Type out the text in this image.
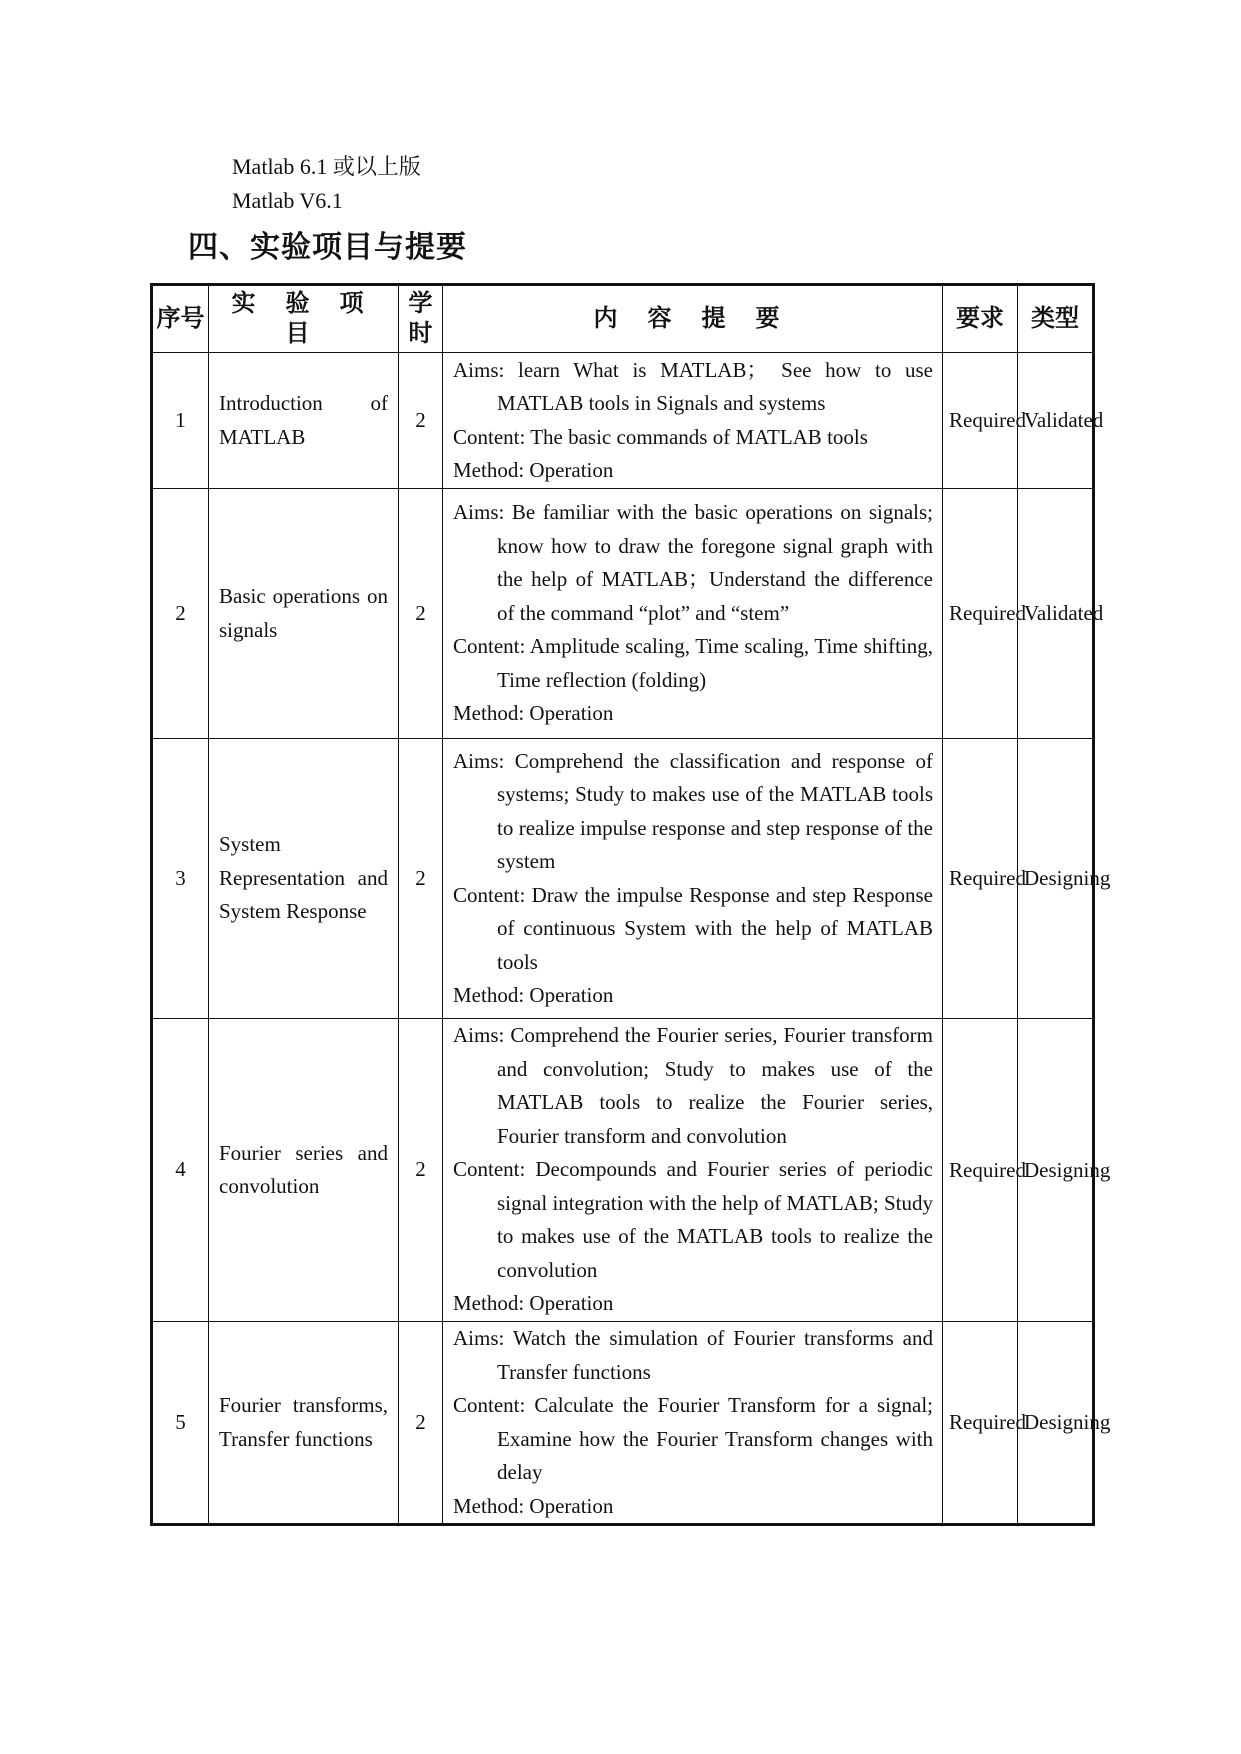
Matlab 6.1 或以上版
Matlab V6.1
四、实验项目与提要
序号	实 验 项 目	学时	内 容 提 要	要求	类型
1	Introduction of MATLAB	2	Aims: learn What is MATLAB； See how to use MATLAB tools in Signals and systems
Content: The basic commands of MATLAB tools
Method: Operation	Required	Validated
2	Basic operations on signals	2	Aims: Be familiar with the basic operations on signals; know how to draw the foregone signal graph with the help of MATLAB；Understand the difference of the command “plot” and “stem”
Content: Amplitude scaling, Time scaling, Time shifting, Time reflection (folding)
Method: Operation	Required	Validated
3	System Representation and System Response	2	Aims: Comprehend the classification and response of systems; Study to makes use of the MATLAB tools to realize impulse response and step response of the system
Content: Draw the impulse Response and step Response of continuous System with the help of MATLAB tools
Method: Operation	Required	Designing
4	Fourier series and convolution	2	Aims: Comprehend the Fourier series, Fourier transform and convolution; Study to makes use of the MATLAB tools to realize the Fourier series, Fourier transform and convolution
Content: Decompounds and Fourier series of periodic signal integration with the help of MATLAB; Study to makes use of the MATLAB tools to realize the convolution
Method: Operation	Required	Designing
5	Fourier transforms, Transfer functions	2	Aims: Watch the simulation of Fourier transforms and Transfer functions
Content: Calculate the Fourier Transform for a signal; Examine how the Fourier Transform changes with delay
Method: Operation	Required	Designing
